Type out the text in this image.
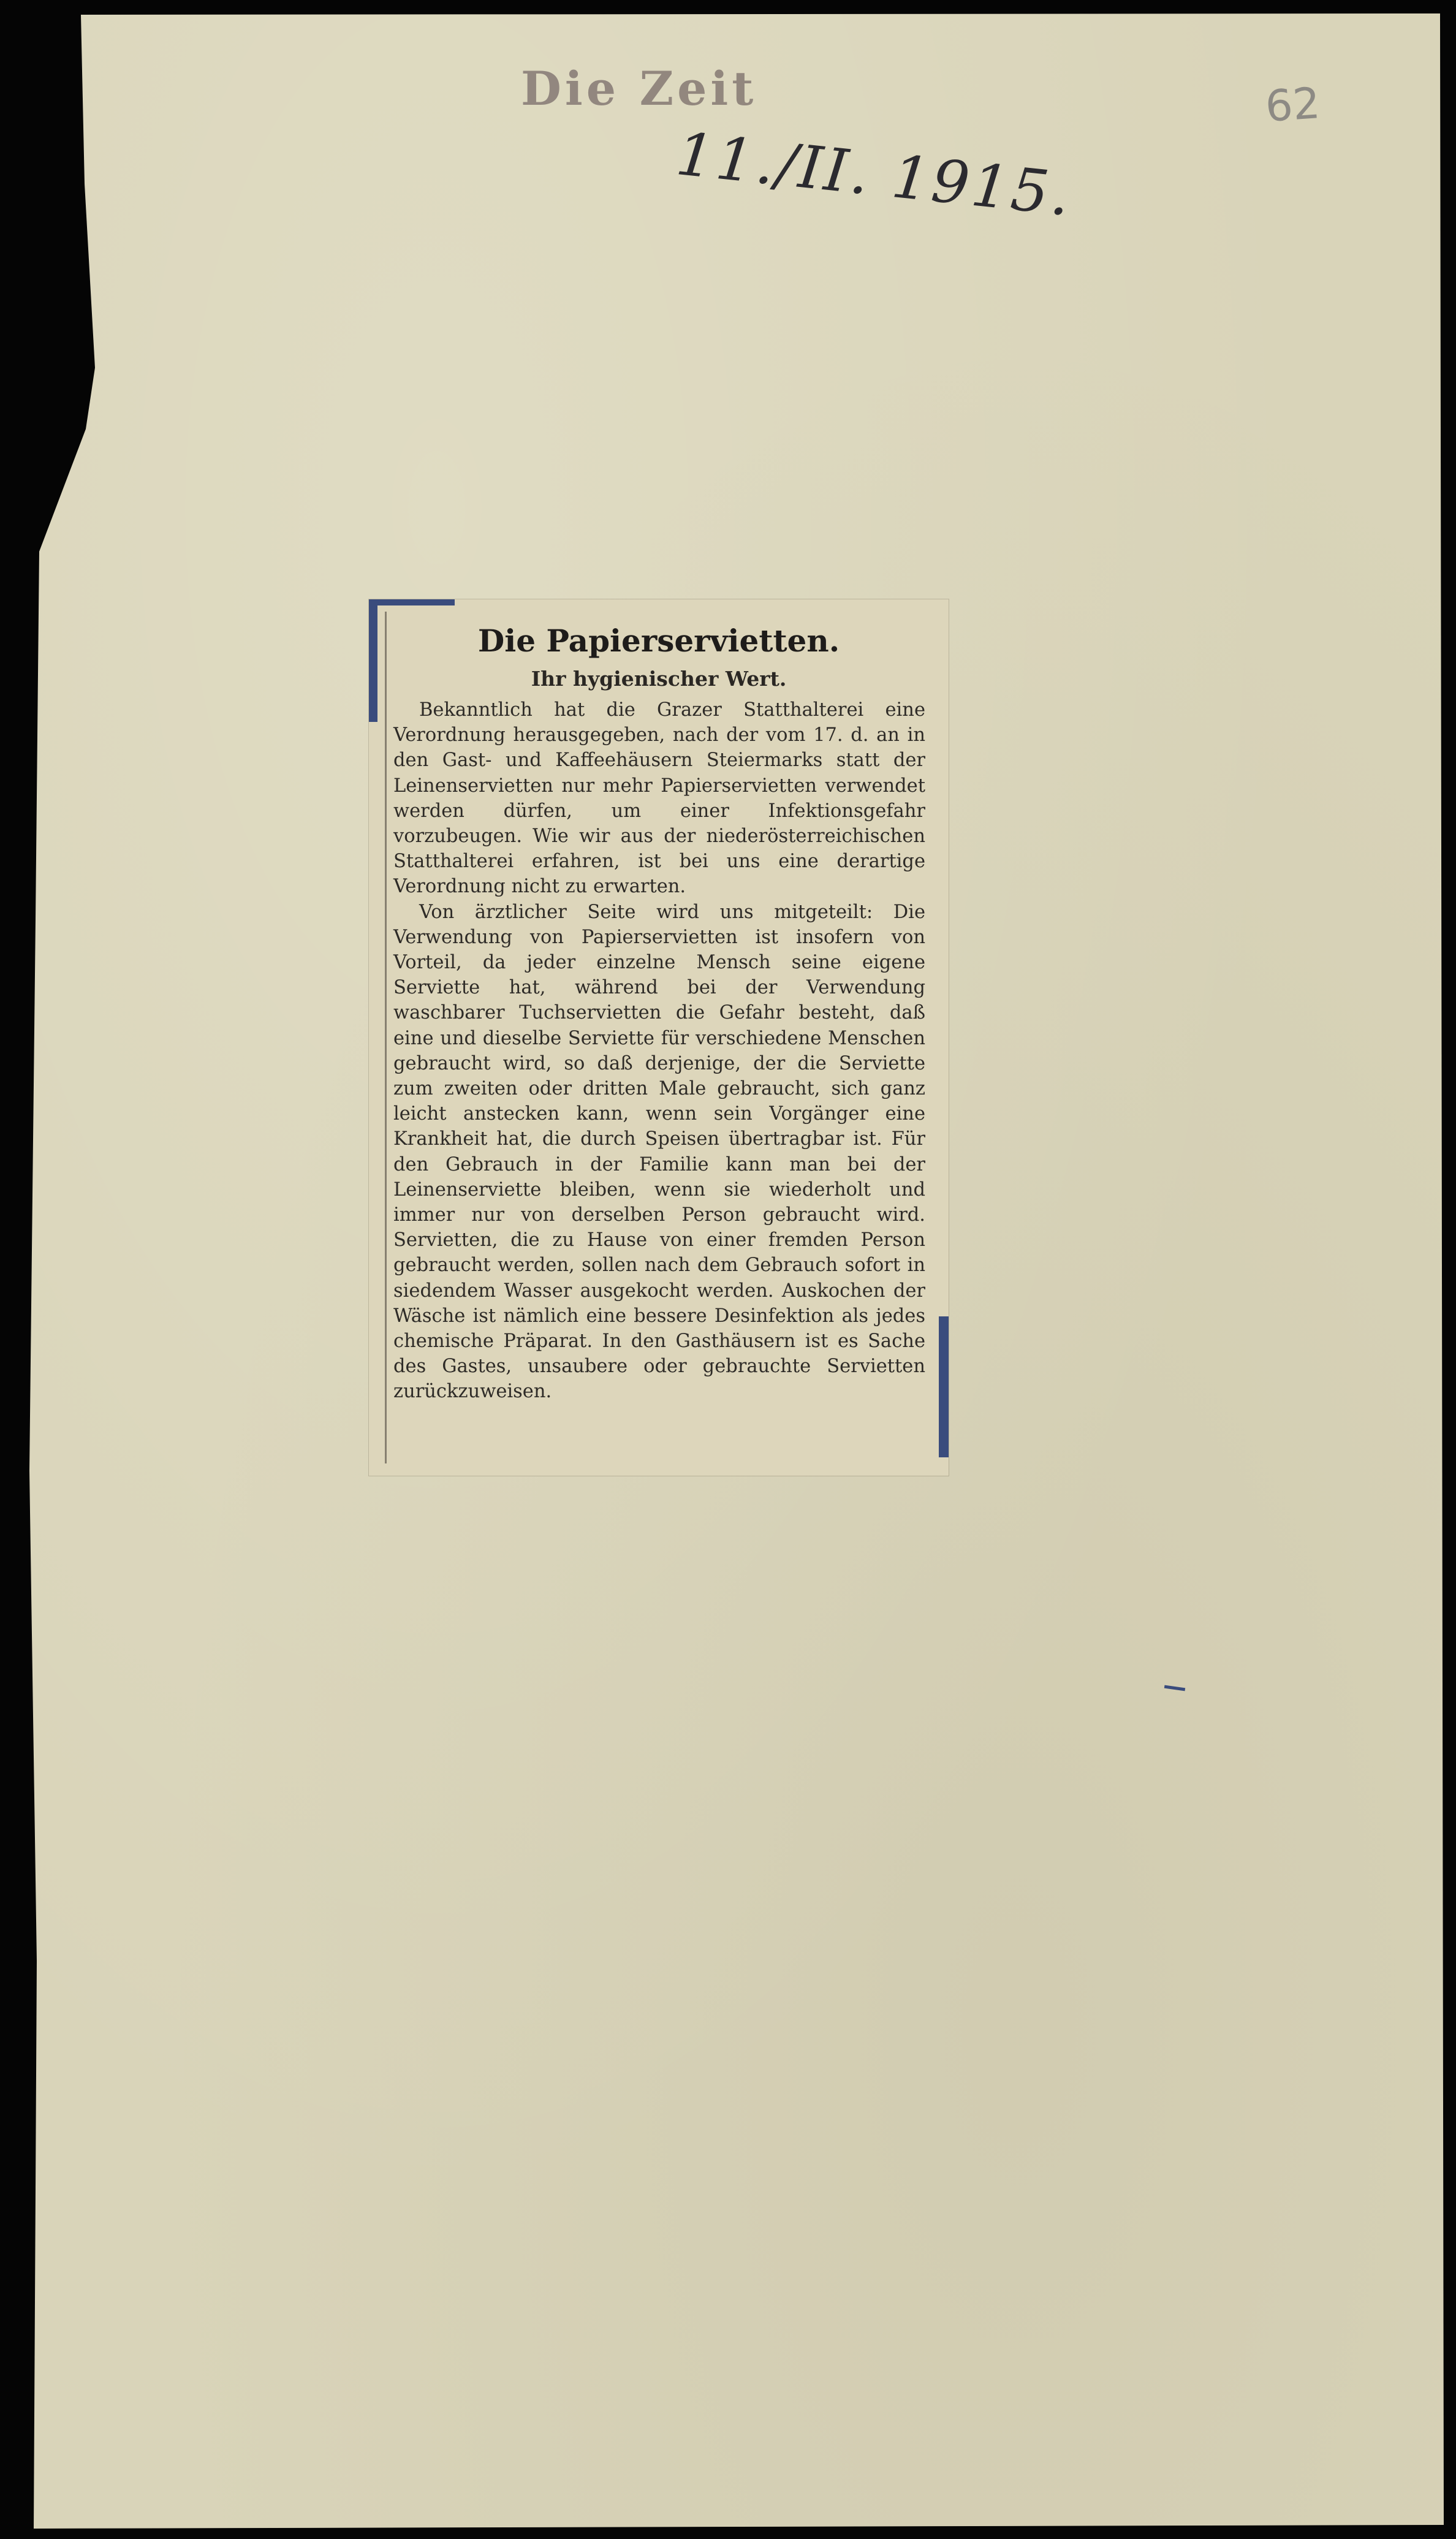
Die Zeit
11./II. 1915.
62
Die Papierservietten.
Ihr hygienischer Wert.

Bekanntlich hat die Grazer Statthalterei eine Verordnung herausgegeben, nach der vom 17. d. an in den Gast- und Kaffeehäusern Steiermarks statt der Leinenservietten nur mehr Papierservietten verwendet werden dürfen, um einer Infektionsgefahr vorzubeugen. Wie wir aus der niederösterreichischen Statthalterei erfahren, ist bei uns eine derartige Verordnung nicht zu erwarten.

Von ärztlicher Seite wird uns mitgeteilt: Die Verwendung von Papierservietten ist insofern von Vorteil, da jeder einzelne Mensch seine eigene Serviette hat, während bei der Verwendung waschbarer Tuchservietten die Gefahr besteht, daß eine und dieselbe Serviette für verschiedene Menschen gebraucht wird, so daß derjenige, der die Serviette zum zweiten oder dritten Male gebraucht, sich ganz leicht anstecken kann, wenn sein Vorgänger eine Krankheit hat, die durch Speisen übertragbar ist. Für den Gebrauch in der Familie kann man bei der Leinenserviette bleiben, wenn sie wiederholt und immer nur von derselben Person gebraucht wird. Servietten, die zu Hause von einer fremden Person gebraucht werden, sollen nach dem Gebrauch sofort in siedendem Wasser ausgekocht werden. Auskochen der Wäsche ist nämlich eine bessere Desinfektion als jedes chemische Präparat. In den Gasthäusern ist es Sache des Gastes, unsaubere oder gebrauchte Servietten zurückzuweisen.
